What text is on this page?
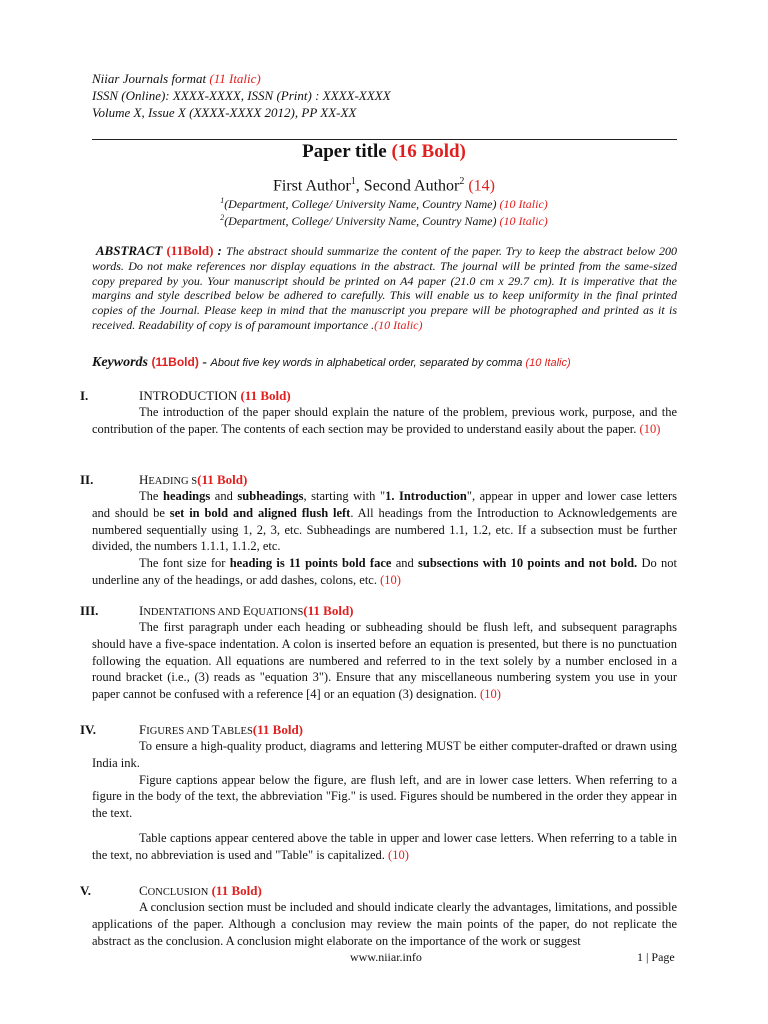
Niiar Journals format (11 Italic)
ISSN (Online): XXXX-XXXX, ISSN (Print) : XXXX-XXXX
Volume X, Issue X (XXXX-XXXX 2012), PP XX-XX
Paper title (16 Bold)
First Author$^1$, Second Author$^2$ (14)
$^1$(Department, College/ University Name, Country Name) (10 Italic)
$^2$(Department, College/ University Name, Country Name) (10 Italic)
ABSTRACT (11Bold) : The abstract should summarize the content of the paper. Try to keep the abstract below 200 words. Do not make references nor display equations in the abstract. The journal will be printed from the same-sized copy prepared by you. Your manuscript should be printed on A4 paper (21.0 cm x 29.7 cm). It is imperative that the margins and style described below be adhered to carefully. This will enable us to keep uniformity in the final printed copies of the Journal. Please keep in mind that the manuscript you prepare will be photographed and printed as it is received. Readability of copy is of paramount importance .(10 Italic)
Keywords (11Bold) - About five key words in alphabetical order, separated by comma (10 Italic)
I.	INTRODUCTION (11 Bold)

The introduction of the paper should explain the nature of the problem, previous work, purpose, and the contribution of the paper. The contents of each section may be provided to understand easily about the paper. (10)

II.	HEADING S(11 Bold)

The headings and subheadings, starting with "1. Introduction", appear in upper and lower case letters and should be set in bold and aligned flush left. All headings from the Introduction to Acknowledgements are numbered sequentially using 1, 2, 3, etc. Subheadings are numbered 1.1, 1.2, etc. If a subsection must be further divided, the numbers 1.1.1, 1.1.2, etc.

The font size for heading is 11 points bold face and subsections with 10 points and not bold. Do not underline any of the headings, or add dashes, colons, etc. (10)

III.	INDENTATIONS AND EQUATIONS(11 Bold)

The first paragraph under each heading or subheading should be flush left, and subsequent paragraphs should have a five-space indentation. A colon is inserted before an equation is presented, but there is no punctuation following the equation. All equations are numbered and referred to in the text solely by a number enclosed in a round bracket (i.e., (3) reads as "equation 3"). Ensure that any miscellaneous numbering system you use in your paper cannot be confused with a reference [4] or an equation (3) designation. (10)

IV.	FIGURES AND TABLES(11 Bold)

To ensure a high-quality product, diagrams and lettering MUST be either computer-drafted or drawn using India ink.

Figure captions appear below the figure, are flush left, and are in lower case letters. When referring to a figure in the body of the text, the abbreviation "Fig." is used. Figures should be numbered in the order they appear in the text.

Table captions appear centered above the table in upper and lower case letters. When referring to a table in the text, no abbreviation is used and "Table" is capitalized. (10)

V.	CONCLUSION (11 Bold)

A conclusion section must be included and should indicate clearly the advantages, limitations, and possible applications of the paper. Although a conclusion may review the main points of the paper, do not replicate the abstract as the conclusion. A conclusion might elaborate on the importance of the work or suggest

www.niiar.info	1 | Page
